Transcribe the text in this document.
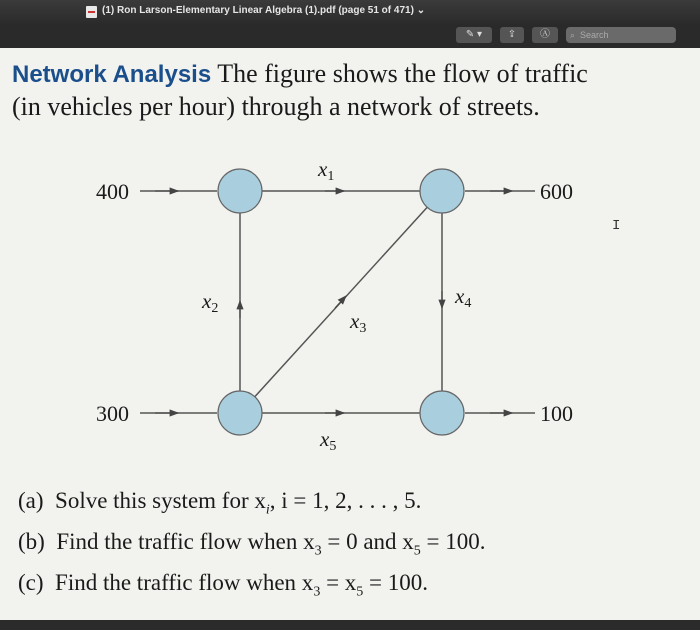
(1) Ron Larson-Elementary Linear Algebra (1).pdf (page 51 of 471) ⌄
✎ ▾	⇪	Ⓐ	⌕ Search
Network Analysis The figure shows the flow of traffic
(in vehicles per hour) through a network of streets.
400	600
300	100
x1
x2
x3
x4
x5
I
(a) Solve this system for $x_i$, i = 1, 2, . . . , 5.
(b) Find the traffic flow when $x_3 = 0$ and $x_5 = 100$.
(c) Find the traffic flow when $x_3 = x_5 = 100$.
